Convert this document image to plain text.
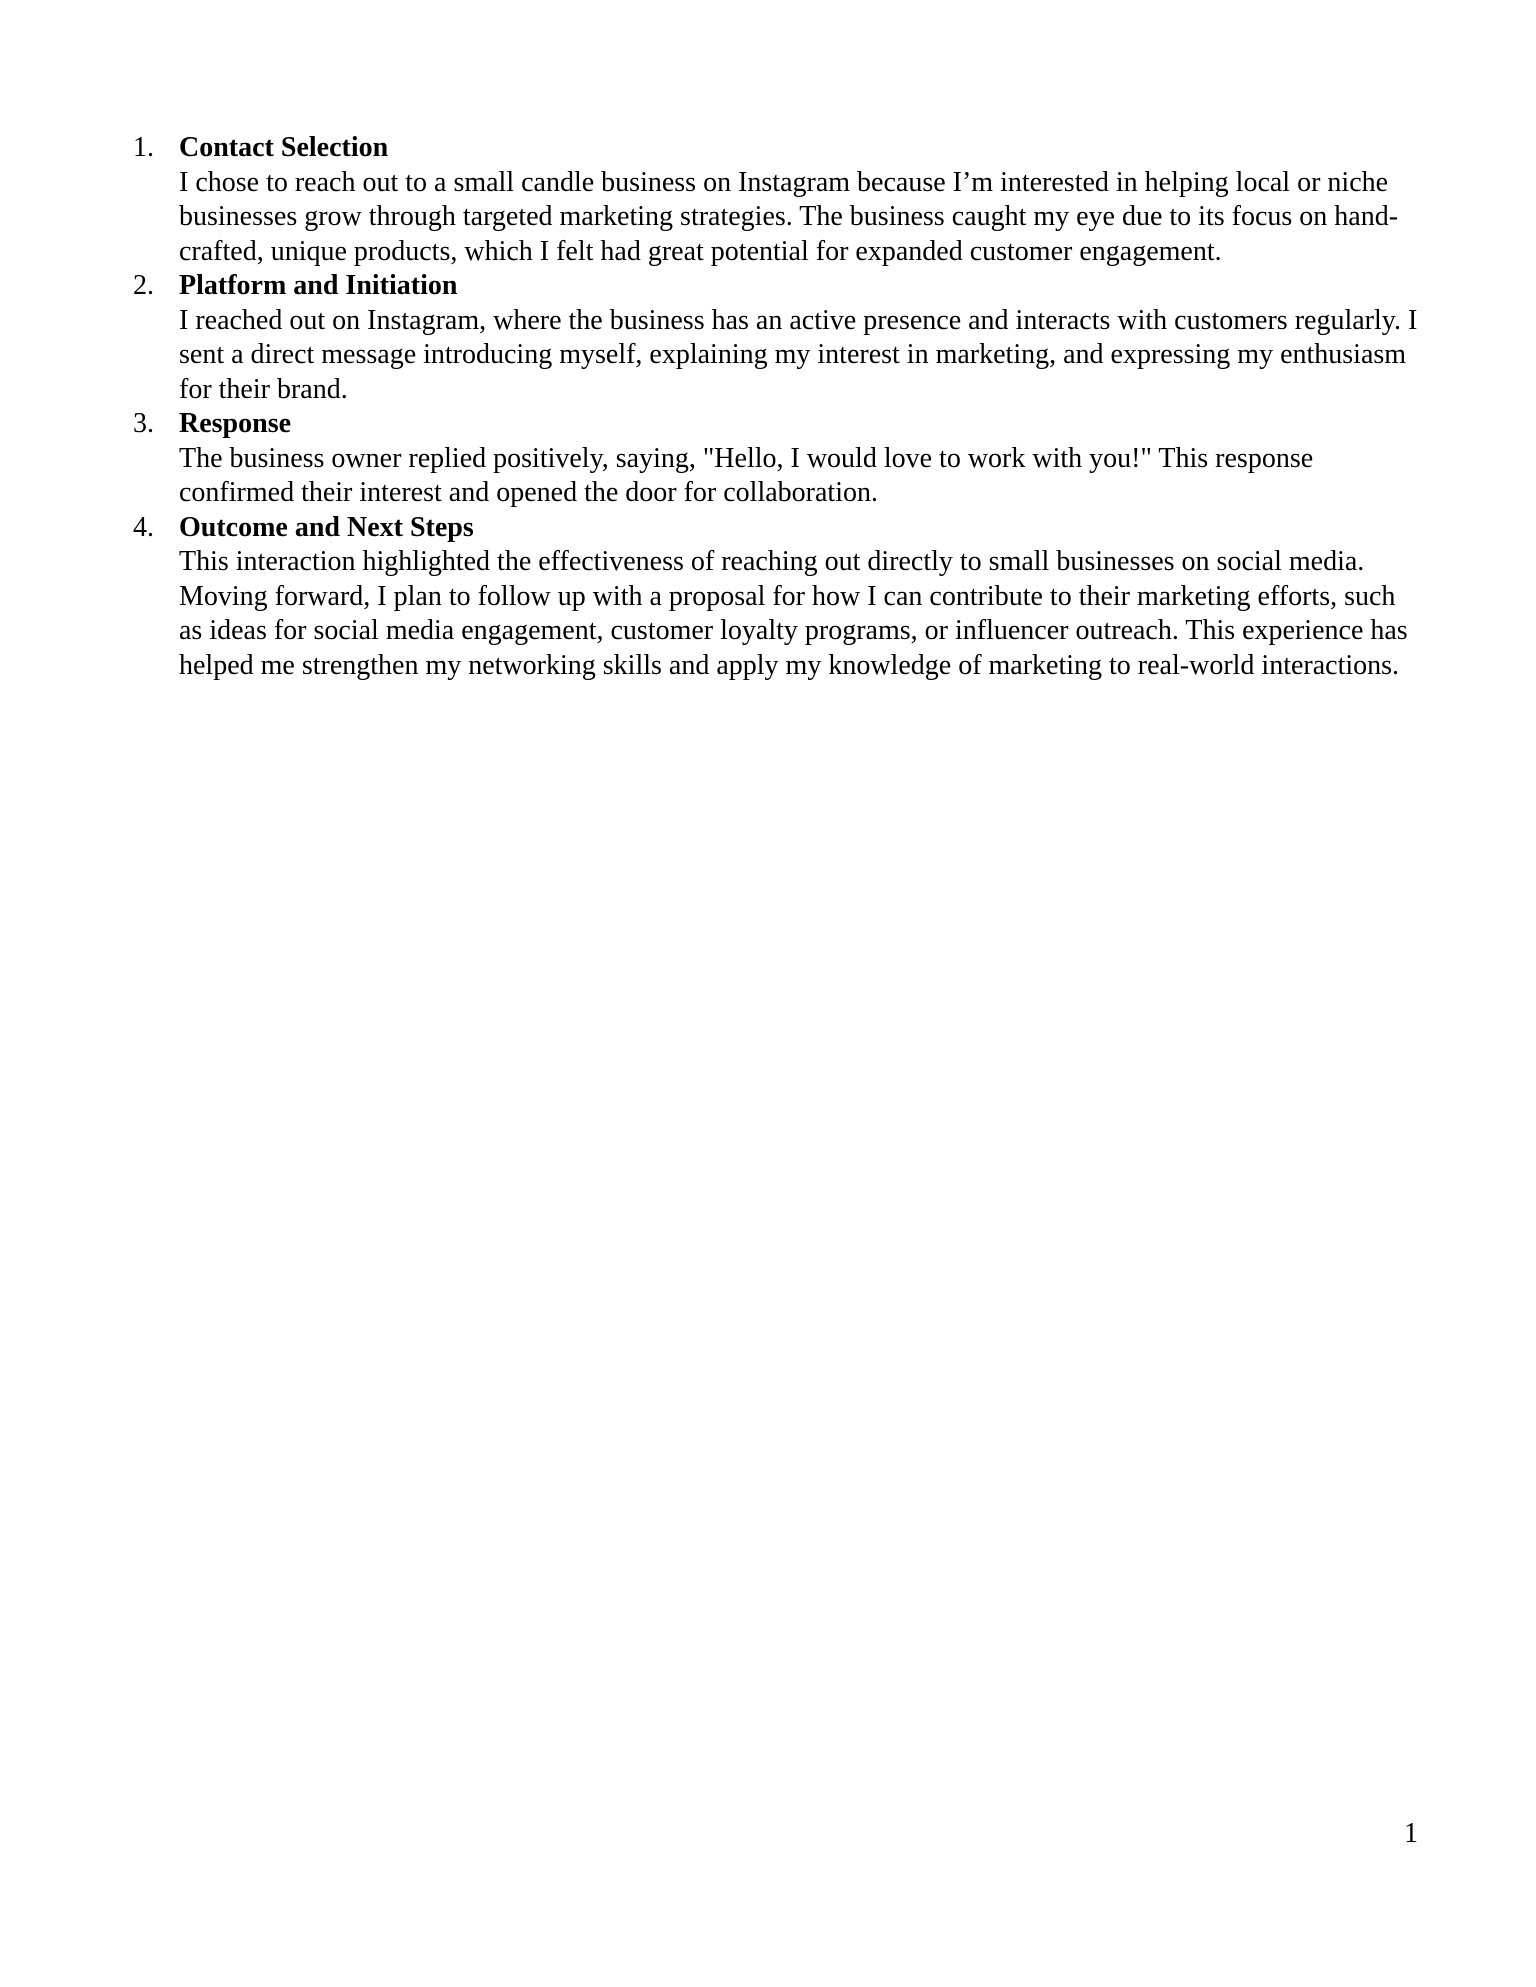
1. Contact Selection
I chose to reach out to a small candle business on Instagram because I’m interested in helping local or niche businesses grow through targeted marketing strategies. The business caught my eye due to its focus on hand-crafted, unique products, which I felt had great potential for expanded customer engagement.
2. Platform and Initiation
I reached out on Instagram, where the business has an active presence and interacts with customers regularly. I sent a direct message introducing myself, explaining my interest in marketing, and expressing my enthusiasm for their brand.
3. Response
The business owner replied positively, saying, "Hello, I would love to work with you!" This response confirmed their interest and opened the door for collaboration.
4. Outcome and Next Steps
This interaction highlighted the effectiveness of reaching out directly to small businesses on social media. Moving forward, I plan to follow up with a proposal for how I can contribute to their marketing efforts, such as ideas for social media engagement, customer loyalty programs, or influencer outreach. This experience has helped me strengthen my networking skills and apply my knowledge of marketing to real-world interactions.
1
